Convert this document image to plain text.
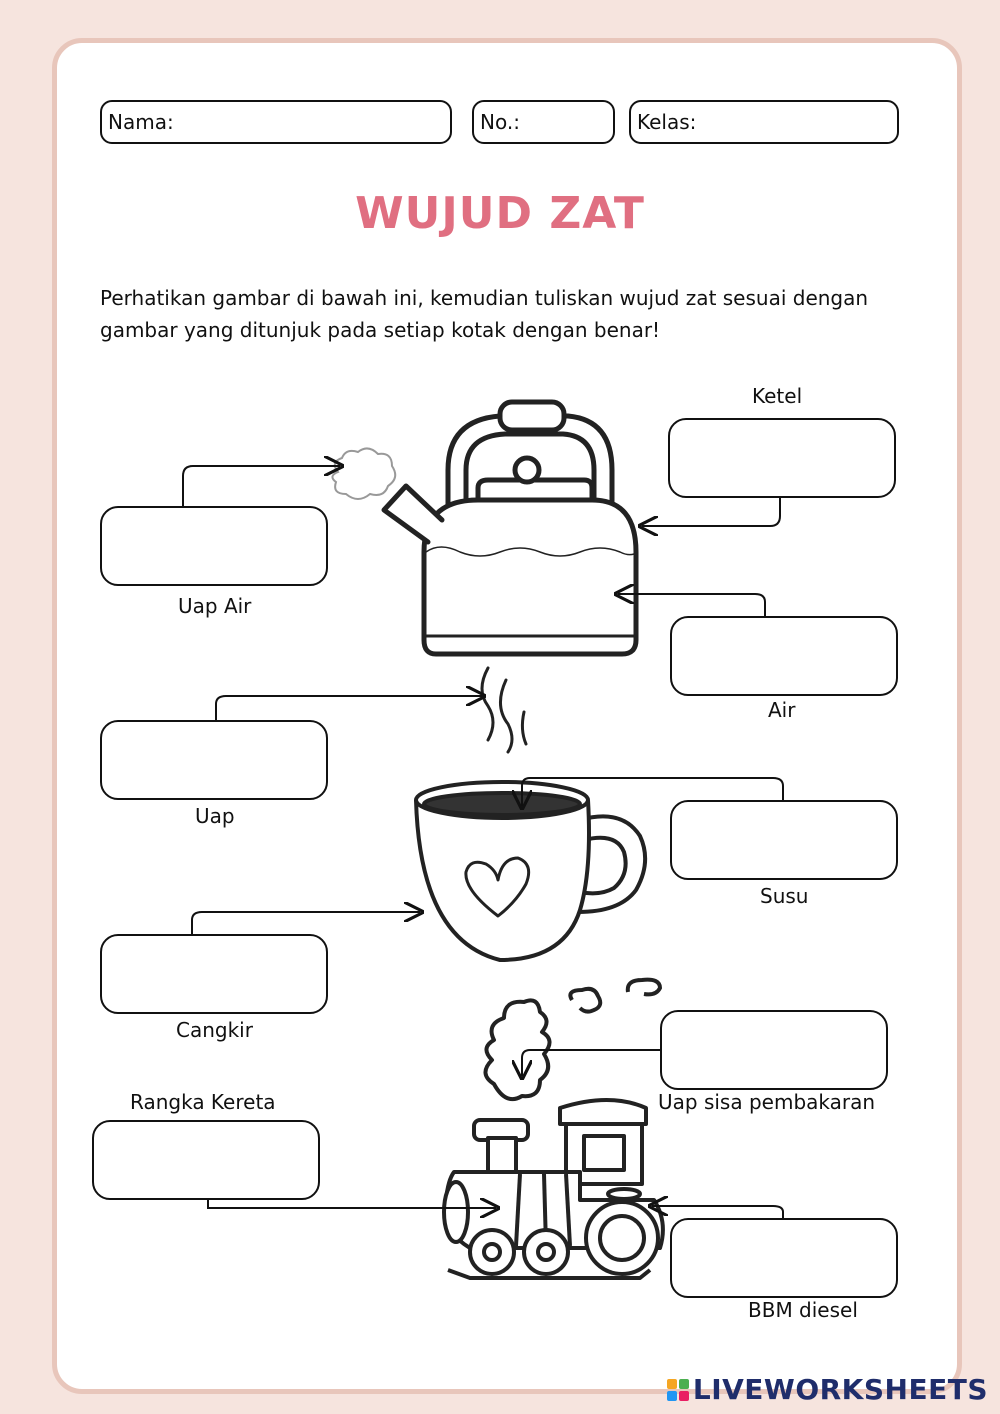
Nama:	No.:	Kelas:
WUJUD ZAT

Perhatikan gambar di bawah ini, kemudian tuliskan wujud zat sesuai dengan gambar yang ditunjuk pada setiap kotak dengan benar!

Ketel
Uap Air
Air
Uap
Susu
Cangkir
Uap sisa pembakaran
Rangka Kereta
BBM diesel
LIVEWORKSHEETS
